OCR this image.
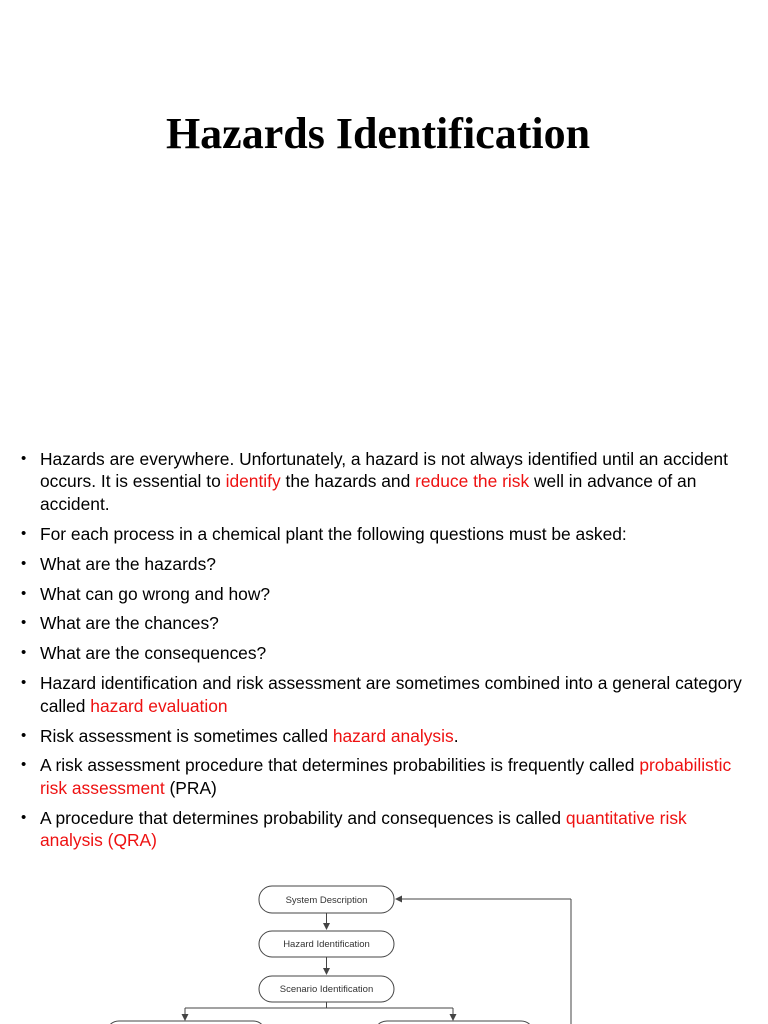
Hazards Identification
• Hazards are everywhere. Unfortunately, a hazard is not always identified until an accident occurs. It is essential to identify the hazards and reduce the risk well in advance of an accident.
• For each process in a chemical plant the following questions must be asked:
• What are the hazards?
• What can go wrong and how?
• What are the chances?
• What are the consequences?
• Hazard identification and risk assessment are sometimes combined into a general category called hazard evaluation
• Risk assessment is sometimes called hazard analysis.
• A risk assessment procedure that determines probabilities is frequently called probabilistic risk assessment (PRA)
• A procedure that determines probability and consequences is called quantitative risk analysis (QRA)
System Description
Hazard Identification
Scenario Identification
